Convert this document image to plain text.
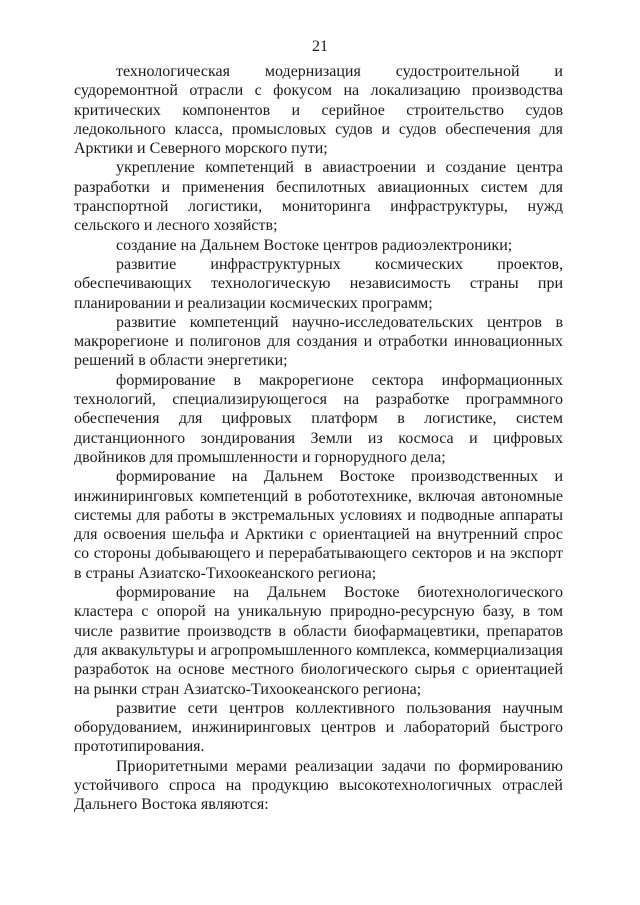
21

технологическая модернизация судостроительной и судоремонтной отрасли с фокусом на локализацию производства критических компонентов и серийное строительство судов ледокольного класса, промысловых судов и судов обеспечения для Арктики и Северного морского пути;

укрепление компетенций в авиастроении и создание центра разработки и применения беспилотных авиационных систем для транспортной логистики, мониторинга инфраструктуры, нужд сельского и лесного хозяйств;

создание на Дальнем Востоке центров радиоэлектроники;

развитие инфраструктурных космических проектов, обеспечивающих технологическую независимость страны при планировании и реализации космических программ;

развитие компетенций научно-исследовательских центров в макрорегионе и полигонов для создания и отработки инновационных решений в области энергетики;

формирование в макрорегионе сектора информационных технологий, специализирующегося на разработке программного обеспечения для цифровых платформ в логистике, систем дистанционного зондирования Земли из космоса и цифровых двойников для промышленности и горнорудного дела;

формирование на Дальнем Востоке производственных и инжиниринговых компетенций в робототехнике, включая автономные системы для работы в экстремальных условиях и подводные аппараты для освоения шельфа и Арктики с ориентацией на внутренний спрос со стороны добывающего и перерабатывающего секторов и на экспорт в страны Азиатско-Тихоокеанского региона;

формирование на Дальнем Востоке биотехнологического кластера с опорой на уникальную природно-ресурсную базу, в том числе развитие производств в области биофармацевтики, препаратов для аквакультуры и агропромышленного комплекса, коммерциализация разработок на основе местного биологического сырья с ориентацией на рынки стран Азиатско-Тихоокеанского региона;

развитие сети центров коллективного пользования научным оборудованием, инжиниринговых центров и лабораторий быстрого прототипирования.

Приоритетными мерами реализации задачи по формированию устойчивого спроса на продукцию высокотехнологичных отраслей Дальнего Востока являются:
